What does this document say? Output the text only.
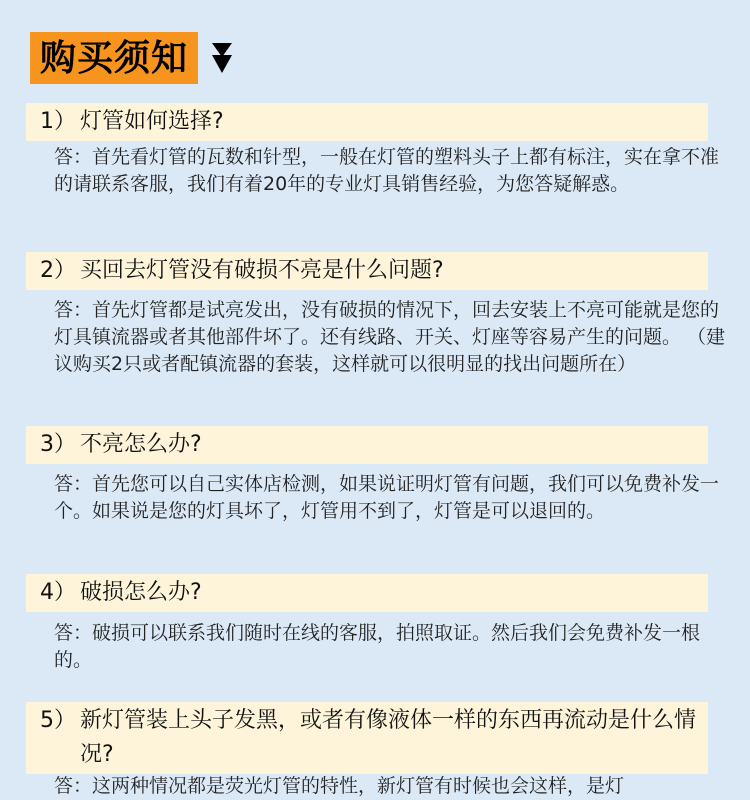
购买须知
1） 灯管如何选择?
答：首先看灯管的瓦数和针型，一般在灯管的塑料头子上都有标注，实在拿不准的请联系客服，我们有着20年的专业灯具销售经验，为您答疑解惑。
2） 买回去灯管没有破损不亮是什么问题?
答：首先灯管都是试亮发出，没有破损的情况下，回去安装上不亮可能就是您的灯具镇流器或者其他部件坏了。还有线路、开关、灯座等容易产生的问题。 （建议购买2只或者配镇流器的套装，这样就可以很明显的找出问题所在）
3） 不亮怎么办?
答：首先您可以自己实体店检测，如果说证明灯管有问题，我们可以免费补发一个。如果说是您的灯具坏了，灯管用不到了，灯管是可以退回的。
4） 破损怎么办?
答：破损可以联系我们随时在线的客服，拍照取证。然后我们会免费补发一根的。
5） 新灯管装上头子发黑，或者有像液体一样的东西再流动是什么情况?
答：这两种情况都是荧光灯管的特性，新灯管有时候也会这样，是灯
